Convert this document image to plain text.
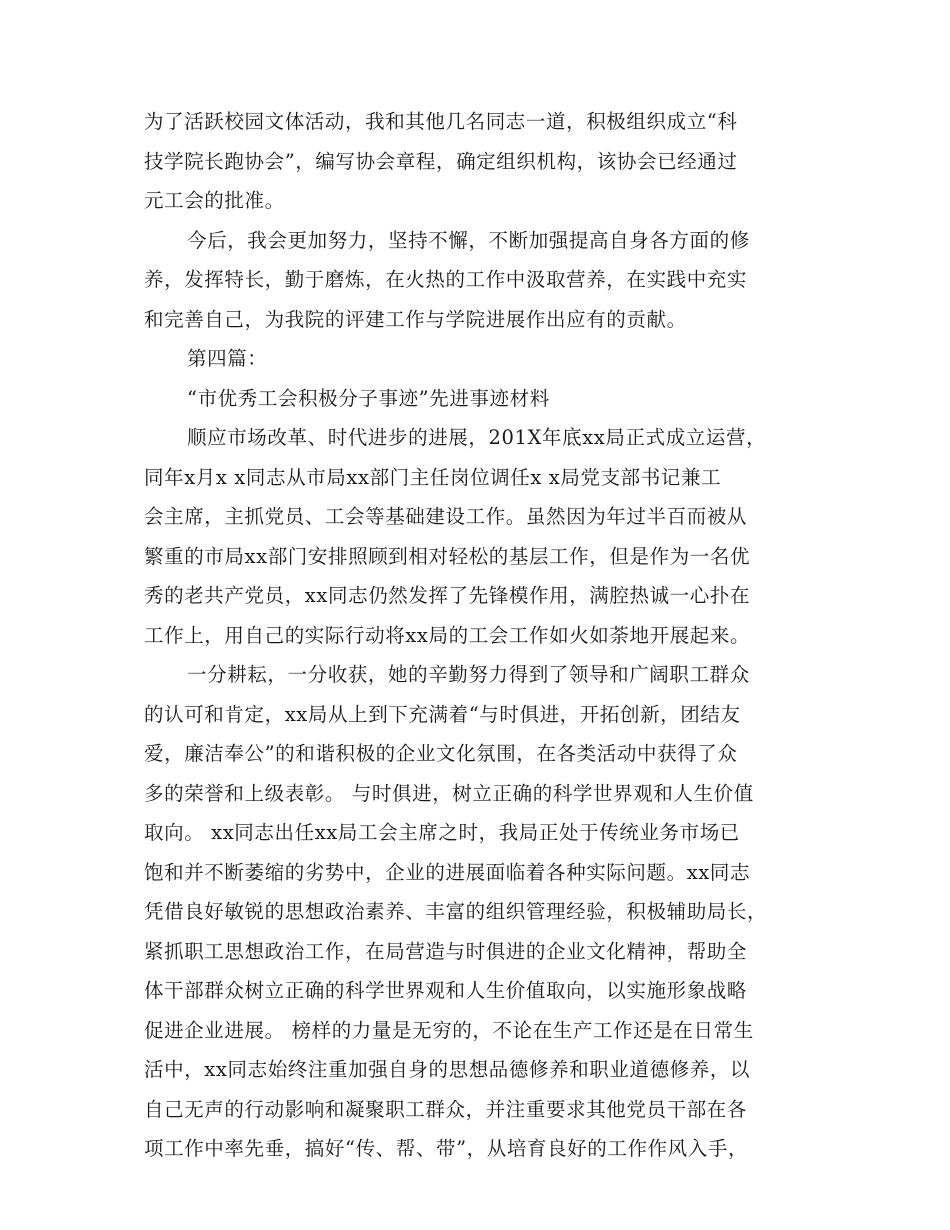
为了活跃校园文体活动，我和其他几名同志一道，积极组织成立“科
技学院长跑协会”，编写协会章程，确定组织机构，该协会已经通过
元工会的批准。
今后，我会更加努力，坚持不懈，不断加强提高自身各方面的修
养，发挥特长，勤于磨炼，在火热的工作中汲取营养，在实践中充实
和完善自己，为我院的评建工作与学院进展作出应有的贡献。
第四篇：
“市优秀工会积极分子事迹”先进事迹材料
顺应市场改革、时代进步的进展，201X年底xx局正式成立运营，
同年x月x x同志从市局xx部门主任岗位调任x x局党支部书记兼工
会主席，主抓党员、工会等基础建设工作。虽然因为年过半百而被从
繁重的市局xx部门安排照顾到相对轻松的基层工作，但是作为一名优
秀的老共产党员，xx同志仍然发挥了先锋模作用，满腔热诚一心扑在
工作上，用自己的实际行动将xx局的工会工作如火如荼地开展起来。
一分耕耘，一分收获，她的辛勤努力得到了领导和广阔职工群众
的认可和肯定，xx局从上到下充满着“与时俱进，开拓创新，团结友
爱，廉洁奉公”的和谐积极的企业文化氛围，在各类活动中获得了众
多的荣誉和上级表彰。 与时俱进，树立正确的科学世界观和人生价值
取向。 xx同志出任xx局工会主席之时，我局正处于传统业务市场已
饱和并不断萎缩的劣势中，企业的进展面临着各种实际问题。xx同志
凭借良好敏锐的思想政治素养、丰富的组织管理经验，积极辅助局长，
紧抓职工思想政治工作，在局营造与时俱进的企业文化精神，帮助全
体干部群众树立正确的科学世界观和人生价值取向，以实施形象战略
促进企业进展。 榜样的力量是无穷的，不论在生产工作还是在日常生
活中，xx同志始终注重加强自身的思想品德修养和职业道德修养，以
自己无声的行动影响和凝聚职工群众，并注重要求其他党员干部在各
项工作中率先垂，搞好“传、帮、带”，从培育良好的工作作风入手，
